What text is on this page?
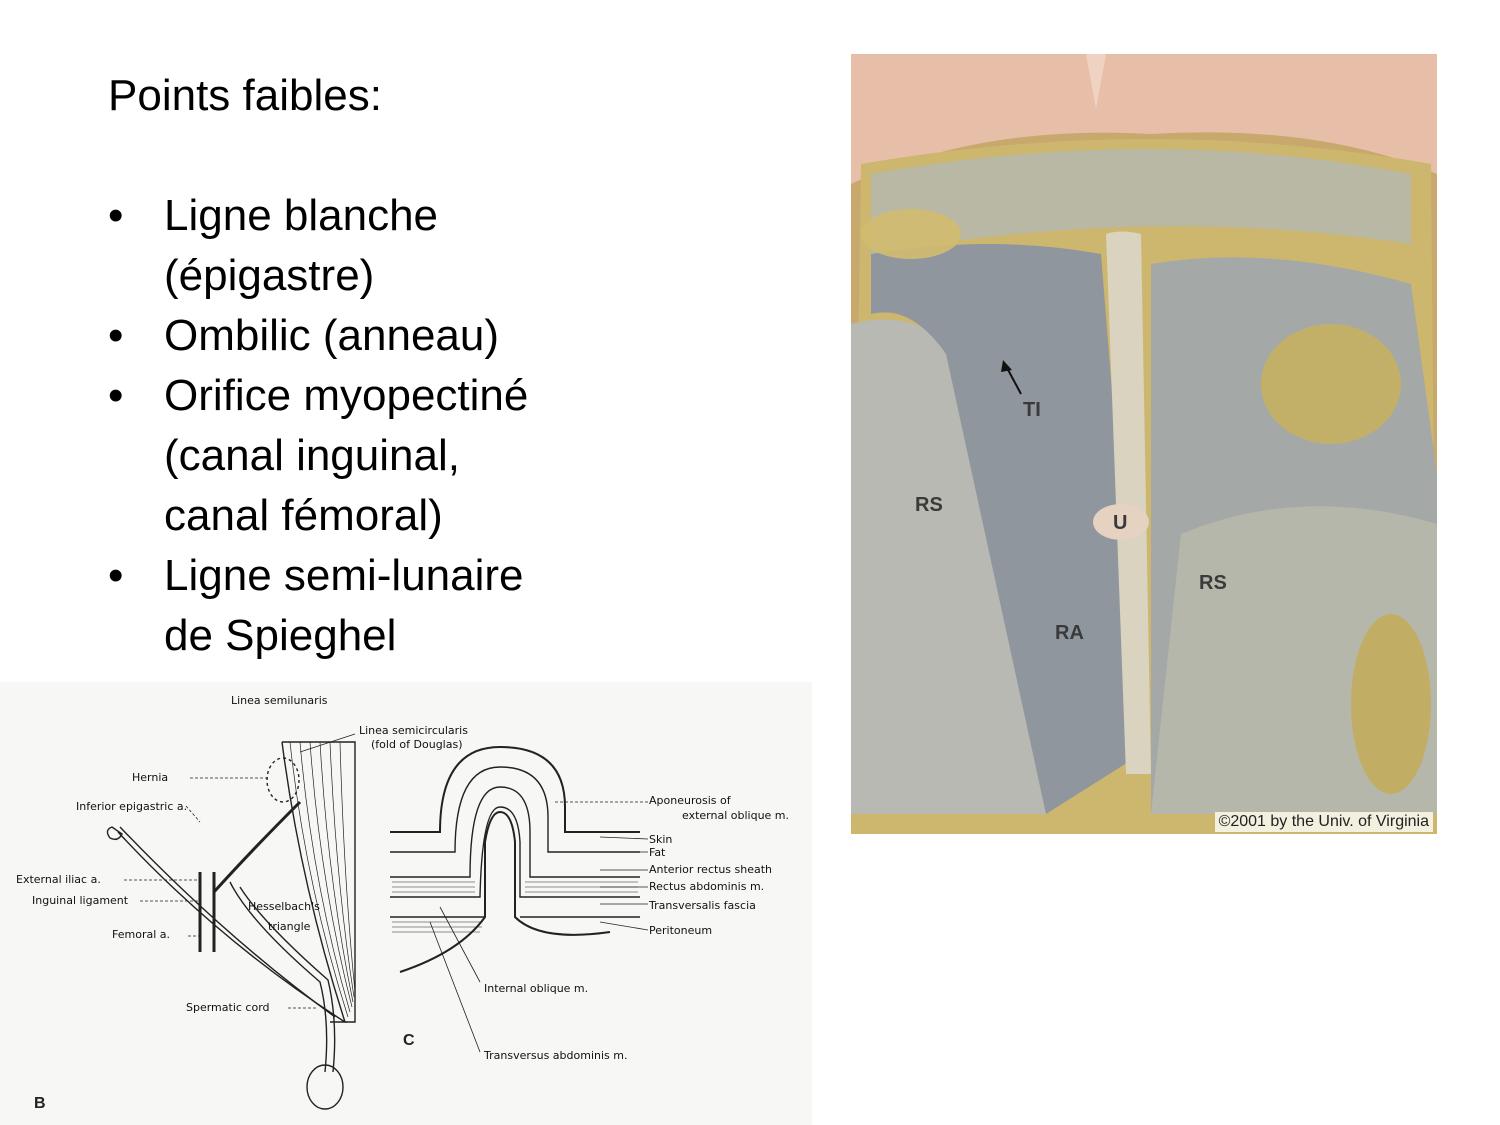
Points faibles:
• Ligne blanche
(épigastre)
• Ombilic (anneau)
• Orifice myopectiné
(canal inguinal,
canal fémoral)
• Ligne semi-lunaire
de Spieghel
TI
RS
U
RS
RA
©2001 by the Univ. of Virginia
Linea semilunaris
Linea semicircularis
(fold of Douglas)
Hernia
Inferior epigastric a.
External iliac a.
Inguinal ligament
Femoral a.
Hesselbach's
triangle
Spermatic cord
Aponeurosis of
external oblique m.
Skin
Fat
Anterior rectus sheath
Rectus abdominis m.
Transversalis fascia
Peritoneum
Internal oblique m.
Transversus abdominis m.
C
B
